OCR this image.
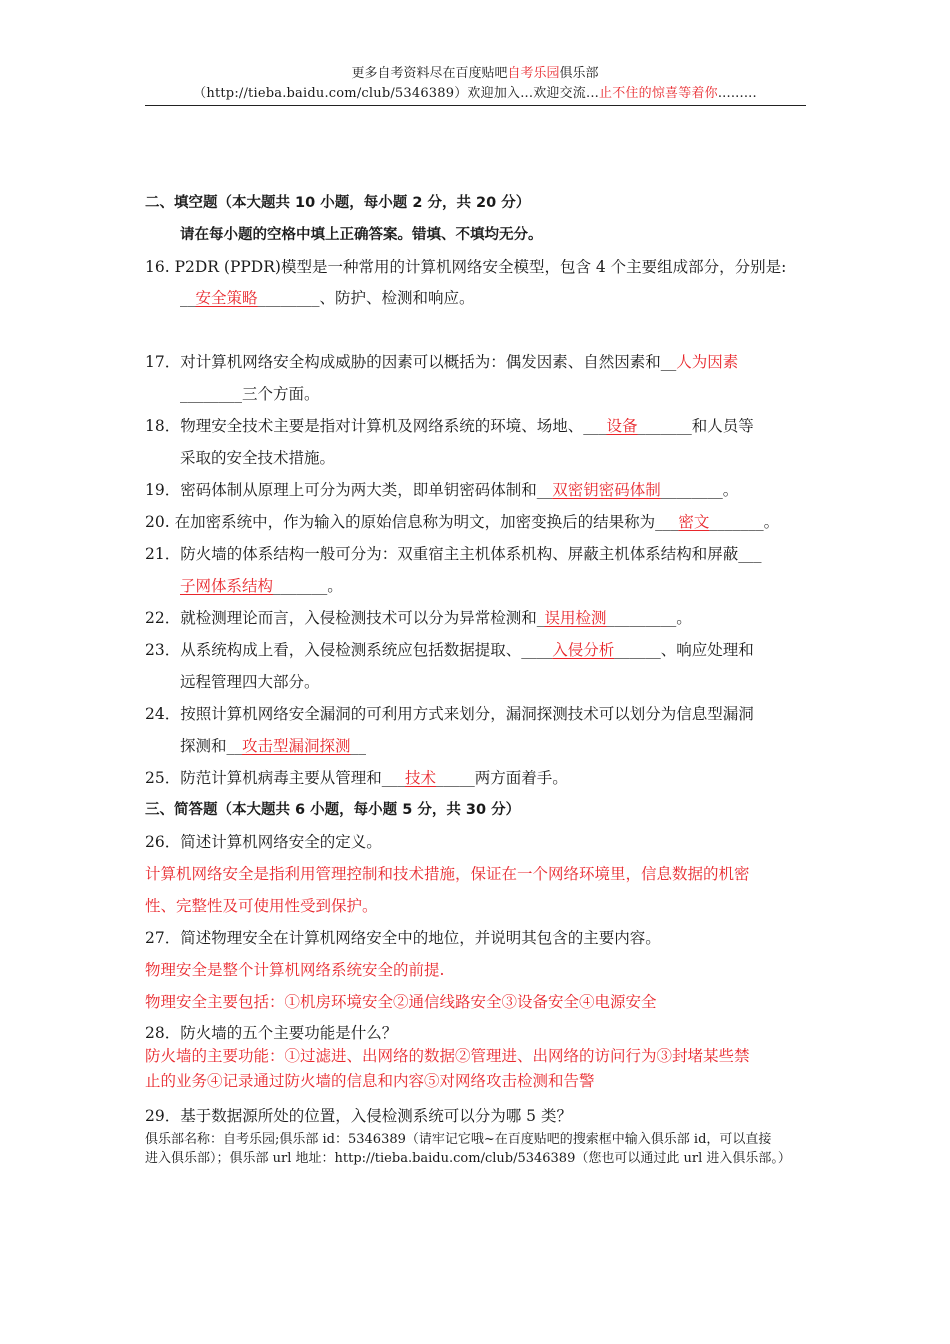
更多自考资料尽在百度贴吧自考乐园俱乐部
（http://tieba.baidu.com/club/5346389）欢迎加入...欢迎交流...止不住的惊喜等着你.........
二、填空题（本大题共 10 小题，每小题 2 分，共 20 分）
请在每小题的空格中填上正确答案。错填、不填均无分。
16. P2DR (PPDR)模型是一种常用的计算机网络安全模型，包含 4 个主要组成部分，分别是:
__安全策略________、防护、检测和响应。
17．对计算机网络安全构成威胁的因素可以概括为：偶发因素、自然因素和__人为因素
________三个方面。
18．物理安全技术主要是指对计算机及网络系统的环境、场地、___设备_______和人员等
采取的安全技术措施。
19．密码体制从原理上可分为两大类，即单钥密码体制和__双密钥密码体制________。
20. 在加密系统中，作为输入的原始信息称为明文，加密变换后的结果称为___密文_______。
21．防火墙的体系结构一般可分为：双重宿主主机体系机构、屏蔽主机体系结构和屏蔽___
子网体系结构_______。
22．就检测理论而言，入侵检测技术可以分为异常检测和_误用检测_________。
23．从系统构成上看，入侵检测系统应包括数据提取、____入侵分析______、响应处理和
远程管理四大部分。
24．按照计算机网络安全漏洞的可利用方式来划分，漏洞探测技术可以划分为信息型漏洞
探测和__攻击型漏洞探测__
25．防范计算机病毒主要从管理和___技术_____两方面着手。
三、简答题（本大题共 6 小题，每小题 5 分，共 30 分）
26．简述计算机网络安全的定义。
计算机网络安全是指利用管理控制和技术措施，保证在一个网络环境里，信息数据的机密
性、完整性及可使用性受到保护。
27．简述物理安全在计算机网络安全中的地位，并说明其包含的主要内容。
物理安全是整个计算机网络系统安全的前提.
物理安全主要包括：①机房环境安全②通信线路安全③设备安全④电源安全
28．防火墙的五个主要功能是什么？
防火墙的主要功能：①过滤进、出网络的数据②管理进、出网络的访问行为③封堵某些禁
止的业务④记录通过防火墙的信息和内容⑤对网络攻击检测和告警
29．基于数据源所处的位置，入侵检测系统可以分为哪 5 类？
俱乐部名称：自考乐园;俱乐部 id：5346389（请牢记它哦~在百度贴吧的搜索框中输入俱乐部 id，可以直接
进入俱乐部）；俱乐部 url 地址：http://tieba.baidu.com/club/5346389（您也可以通过此 url 进入俱乐部。）
